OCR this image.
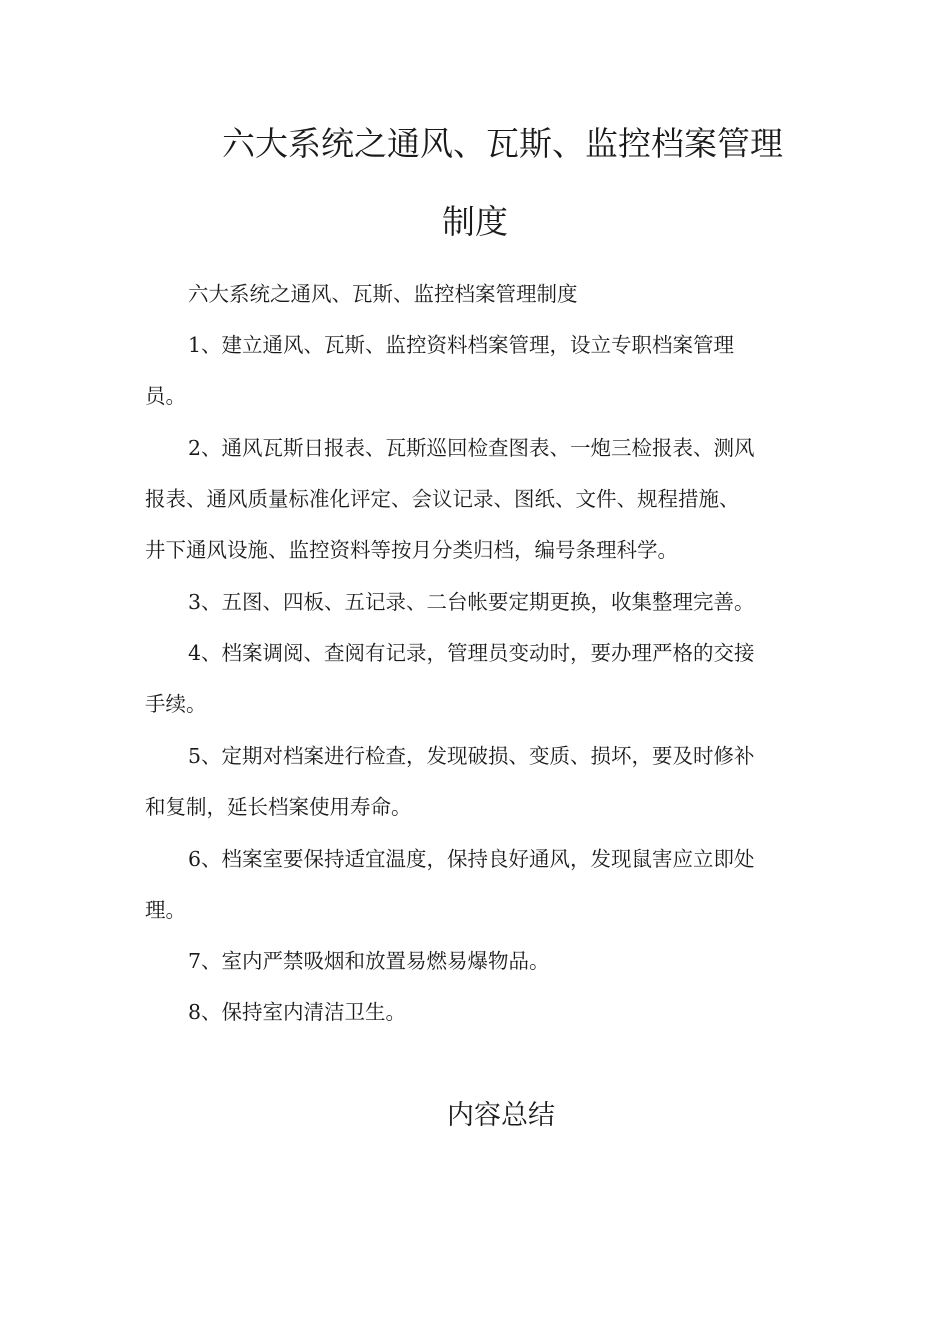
六大系统之通风、瓦斯、监控档案管理
制度
六大系统之通风、瓦斯、监控档案管理制度
1、建立通风、瓦斯、监控资料档案管理，设立专职档案管理
员。
2、通风瓦斯日报表、瓦斯巡回检查图表、一炮三检报表、测风
报表、通风质量标准化评定、会议记录、图纸、文件、规程措施、
井下通风设施、监控资料等按月分类归档，编号条理科学。
3、五图、四板、五记录、二台帐要定期更换，收集整理完善。
4、档案调阅、查阅有记录，管理员变动时，要办理严格的交接
手续。
5、定期对档案进行检查，发现破损、变质、损坏，要及时修补
和复制，延长档案使用寿命。
6、档案室要保持适宜温度，保持良好通风，发现鼠害应立即处
理。
7、室内严禁吸烟和放置易燃易爆物品。
8、保持室内清洁卫生。
内容总结
